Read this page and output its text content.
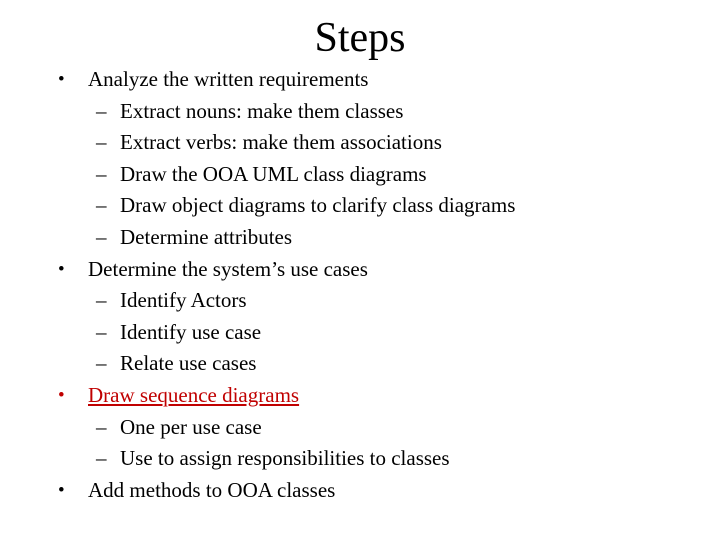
Steps
• Analyze the written requirements
– Extract nouns: make them classes
– Extract verbs: make them associations
– Draw the OOA UML class diagrams
– Draw object diagrams to clarify class diagrams
– Determine attributes
• Determine the system’s use cases
– Identify Actors
– Identify use case
– Relate use cases
• Draw sequence diagrams
– One per use case
– Use to assign responsibilities to classes
• Add methods to OOA classes
